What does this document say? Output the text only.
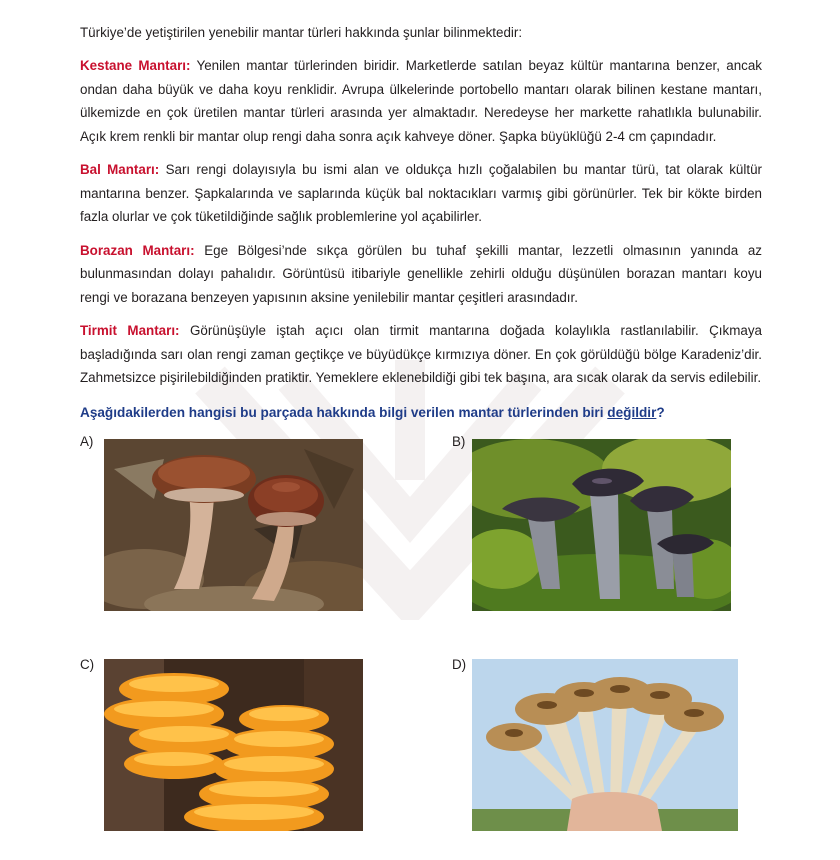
Türkiye’de yetiştirilen yenebilir mantar türleri hakkında şunlar bilinmektedir:

Kestane Mantarı: Yenilen mantar türlerinden biridir. Marketlerde satılan beyaz kültür mantarına benzer, ancak ondan daha büyük ve daha koyu renklidir. Avrupa ülkelerinde portobello mantarı olarak bilinen kestane mantarı, ülkemizde en çok üretilen mantar türleri arasında yer almaktadır. Neredeyse her markette rahatlıkla bulunabilir. Açık krem renkli bir mantar olup rengi daha sonra açık kahveye döner. Şapka büyüklüğü 2-4 cm çapındadır.

Bal Mantarı: Sarı rengi dolayısıyla bu ismi alan ve oldukça hızlı çoğalabilen bu mantar türü, tat olarak kültür mantarına benzer. Şapkalarında ve saplarında küçük bal noktacıkları varmış gibi görünürler. Tek bir kökte birden fazla olurlar ve çok tüketildiğinde sağlık problemlerine yol açabilirler.

Borazan Mantarı: Ege Bölgesi’nde sıkça görülen bu tuhaf şekilli mantar, lezzetli olmasının yanında az bulunmasından dolayı pahalıdır. Görüntüsü itibariyle genellikle zehirli olduğu düşünülen borazan mantarı koyu rengi ve borazana benzeyen yapısının aksine yenilebilir mantar çeşitleri arasındadır.

Tirmit Mantarı: Görünüşüyle iştah açıcı olan tirmit mantarına doğada kolaylıkla rastlanılabilir. Çıkmaya başladığında sarı olan rengi zaman geçtikçe ve büyüdükçe kırmızıya döner. En çok görüldüğü bölge Karadeniz’dir. Zahmetsizce pişirilebildiğinden pratiktir. Yemeklere eklenebildiği gibi tek başına, ara sıcak olarak da servis edilebilir.

Aşağıdakilerden hangisi bu parçada hakkında bilgi verilen mantar türlerinden biri değildir?

A)	B)
C)	D)
